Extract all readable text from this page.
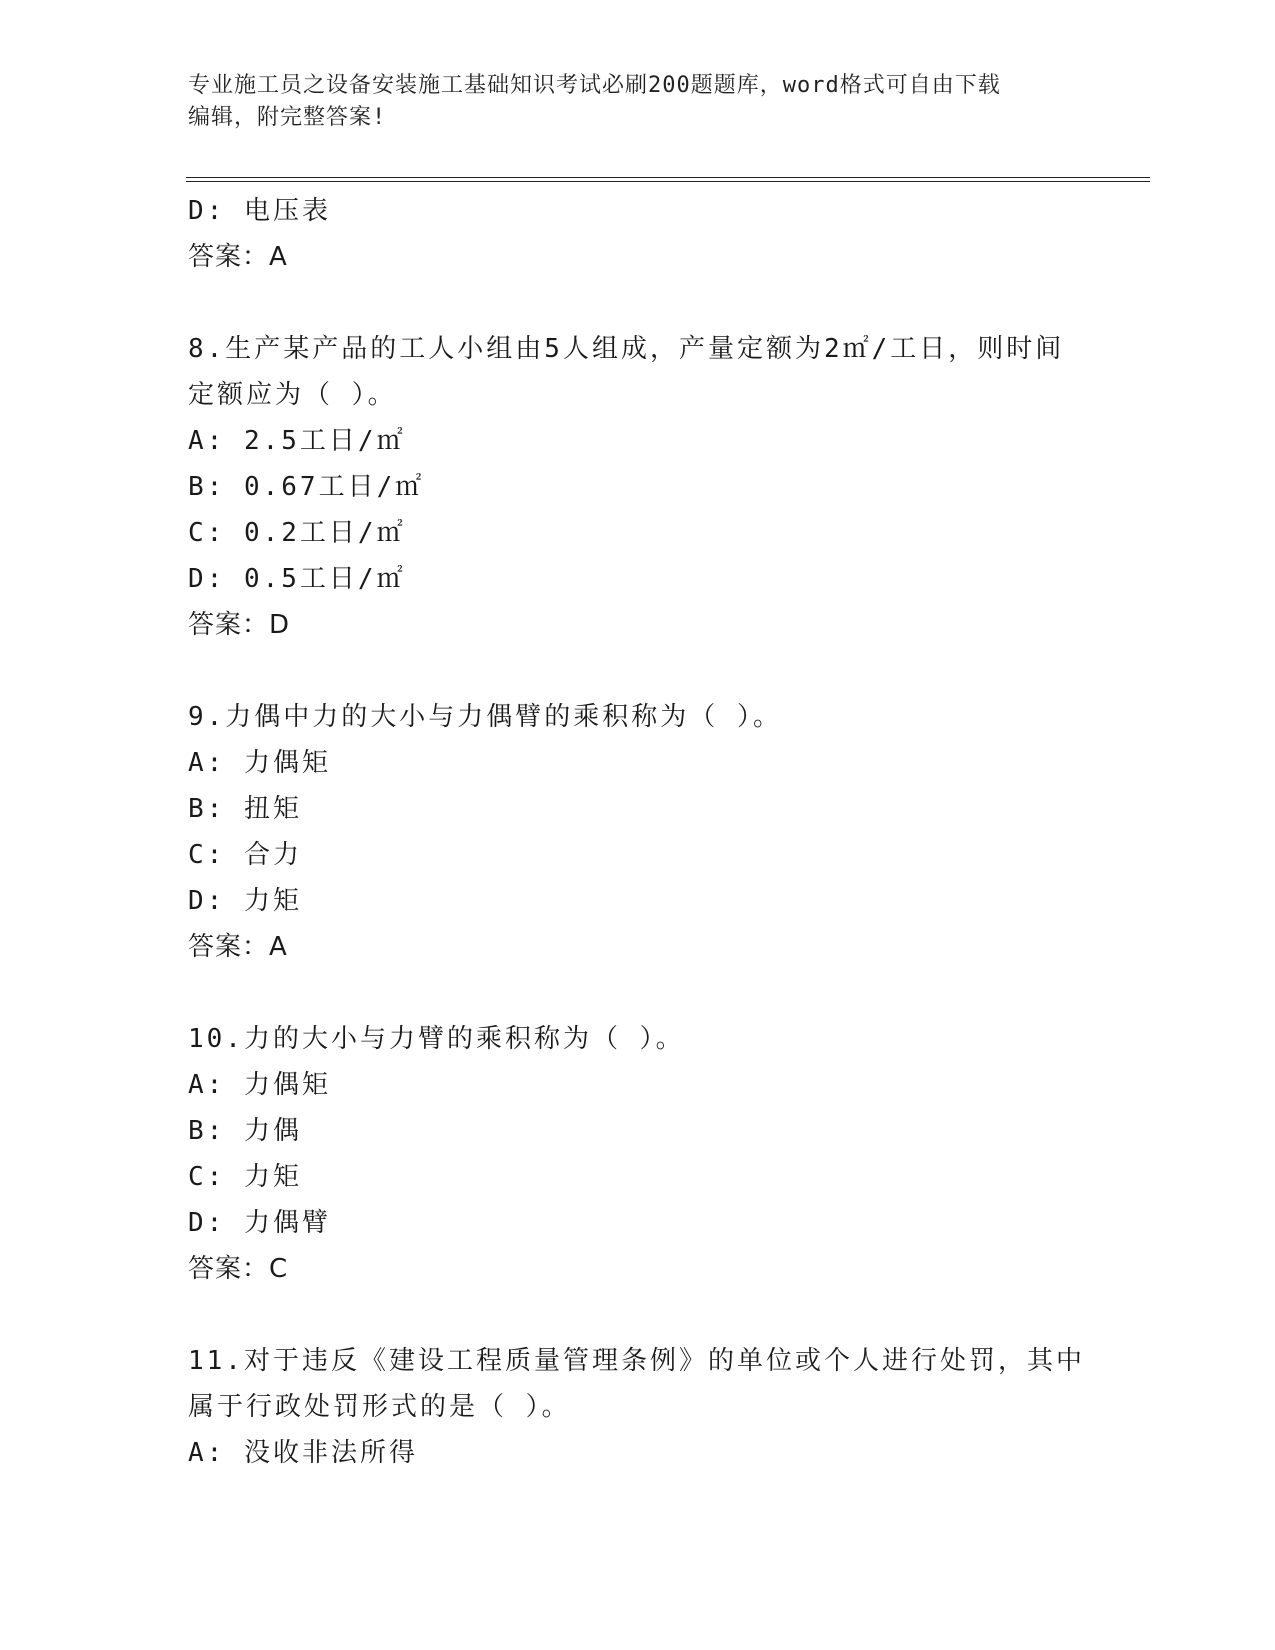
专业施工员之设备安装施工基础知识考试必刷200题题库，word格式可自由下载
编辑，附完整答案!
D: 电压表
答案：A
8.生产某产品的工人小组由5人组成，产量定额为2㎡/工日，则时间
定额应为（ ）。
A: 2.5工日/㎡
B: 0.67工日/㎡
C: 0.2工日/㎡
D: 0.5工日/㎡
答案：D
9.力偶中力的大小与力偶臂的乘积称为（ ）。
A: 力偶矩
B: 扭矩
C: 合力
D: 力矩
答案：A
10.力的大小与力臂的乘积称为（ ）。
A: 力偶矩
B: 力偶
C: 力矩
D: 力偶臂
答案：C
11.对于违反《建设工程质量管理条例》的单位或个人进行处罚，其中
属于行政处罚形式的是（ ）。
A: 没收非法所得
